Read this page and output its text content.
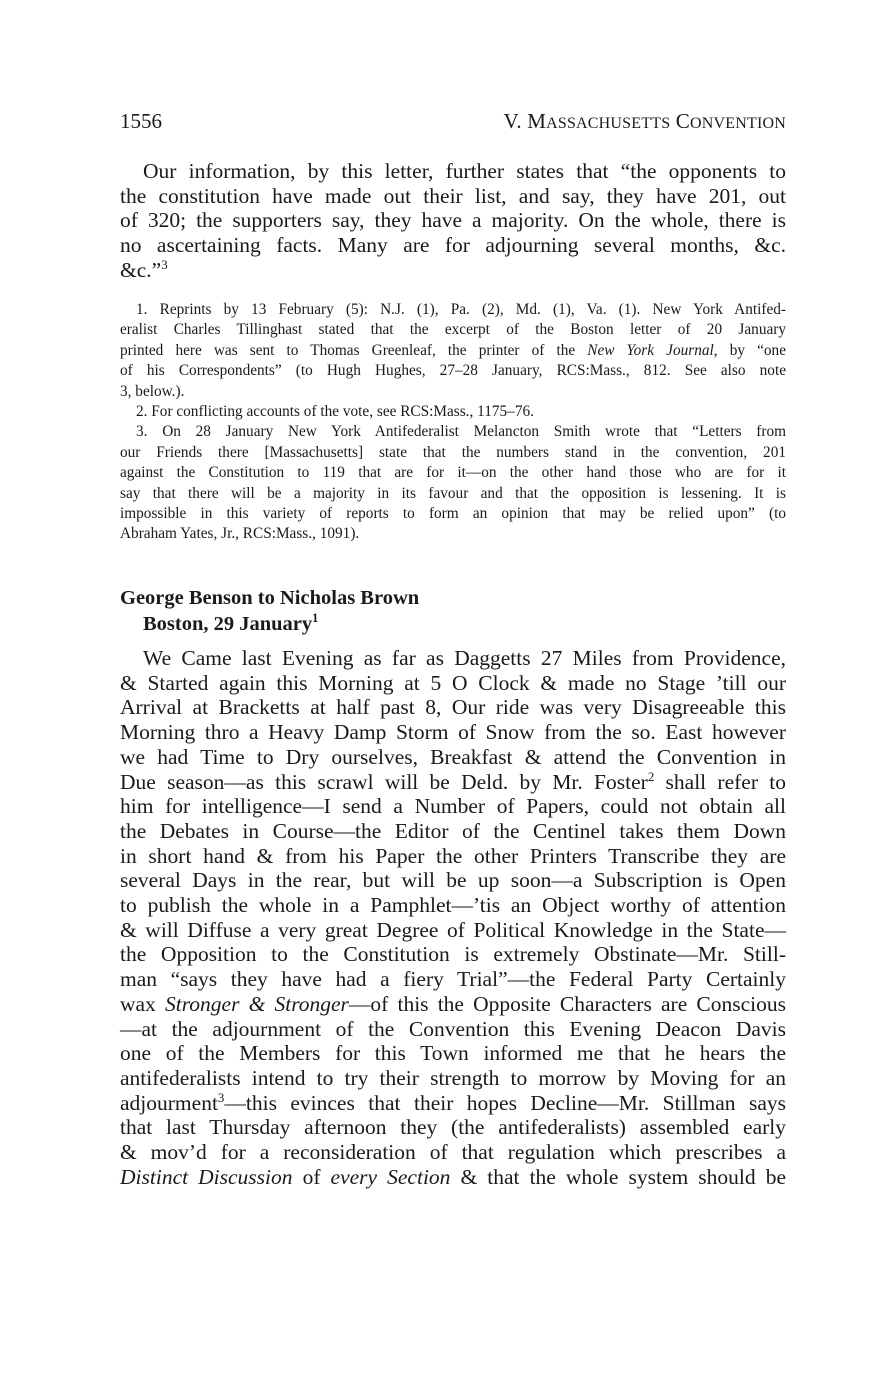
1556	V. MASSACHUSETTS CONVENTION
Our information, by this letter, further states that “the opponents to
the constitution have made out their list, and say, they have 201, out
of 320; the supporters say, they have a majority. On the whole, there is
no ascertaining facts. Many are for adjourning several months, &c.
&c.”$^3$
1. Reprints by 13 February (5): N.J. (1), Pa. (2), Md. (1), Va. (1). New York Antifed-
eralist Charles Tillinghast stated that the excerpt of the Boston letter of 20 January
printed here was sent to Thomas Greenleaf, the printer of the New York Journal, by “one
of his Correspondents” (to Hugh Hughes, 27–28 January, RCS:Mass., 812. See also note
3, below.).
2. For conflicting accounts of the vote, see RCS:Mass., 1175–76.
3. On 28 January New York Antifederalist Melancton Smith wrote that “Letters from
our Friends there [Massachusetts] state that the numbers stand in the convention, 201
against the Constitution to 119 that are for it—on the other hand those who are for it
say that there will be a majority in its favour and that the opposition is lessening. It is
impossible in this variety of reports to form an opinion that may be relied upon” (to
Abraham Yates, Jr., RCS:Mass., 1091).
George Benson to Nicholas Brown
Boston, 29 January$^1$
We Came last Evening as far as Daggetts 27 Miles from Providence,
& Started again this Morning at 5 O Clock & made no Stage ’till our
Arrival at Bracketts at half past 8, Our ride was very Disagreeable this
Morning thro a Heavy Damp Storm of Snow from the so. East however
we had Time to Dry ourselves, Breakfast & attend the Convention in
Due season—as this scrawl will be Deld. by Mr. Foster$^2$ shall refer to
him for intelligence—I send a Number of Papers, could not obtain all
the Debates in Course—the Editor of the Centinel takes them Down
in short hand & from his Paper the other Printers Transcribe they are
several Days in the rear, but will be up soon—a Subscription is Open
to publish the whole in a Pamphlet—’tis an Object worthy of attention
& will Diffuse a very great Degree of Political Knowledge in the State—
the Opposition to the Constitution is extremely Obstinate—Mr. Still-
man “says they have had a fiery Trial”—the Federal Party Certainly
wax Stronger & Stronger—of this the Opposite Characters are Conscious
—at the adjournment of the Convention this Evening Deacon Davis
one of the Members for this Town informed me that he hears the
antifederalists intend to try their strength to morrow by Moving for an
adjourment$^3$—this evinces that their hopes Decline—Mr. Stillman says
that last Thursday afternoon they (the antifederalists) assembled early
& mov’d for a reconsideration of that regulation which prescribes a
Distinct Discussion of every Section & that the whole system should be
